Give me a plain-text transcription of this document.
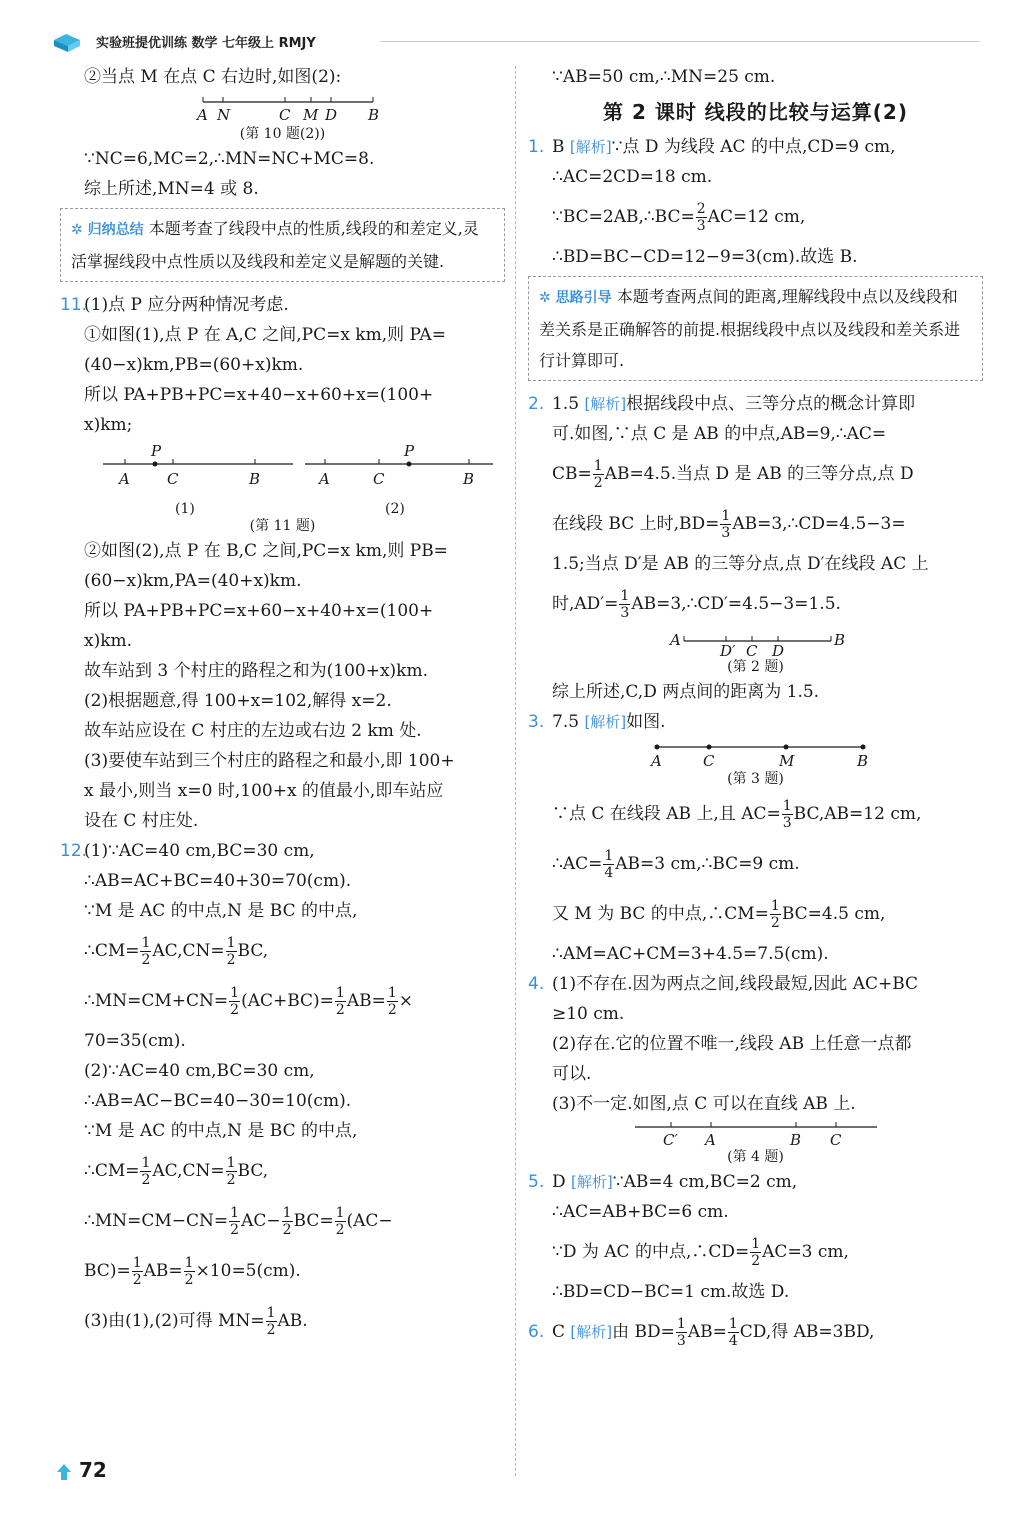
实验班提优训练 数学 七年级上 RMJY
②当点 M 在点 C 右边时,如图(2):
A N	C M D B
(第 10 题(2))
∵NC=6,MC=2,∴MN=NC+MC=8.
综上所述,MN=4 或 8.
✲ 归纳总结 本题考查了线段中点的性质,线段的和差定义,灵活掌握线段中点性质以及线段和差定义是解题的关键.
11.(1)点 P 应分两种情况考虑.
①如图(1),点 P 在 A,C 之间,PC=x km,则 PA=
(40−x)km,PB=(60+x)km.
所以 PA+PB+PC=x+40−x+60+x=(100+
x)km;
P
A C	B
P
A	C	B
(1)	(2)
(第 11 题)
②如图(2),点 P 在 B,C 之间,PC=x km,则 PB=
(60−x)km,PA=(40+x)km.
所以 PA+PB+PC=x+60−x+40+x=(100+
x)km.
故车站到 3 个村庄的路程之和为(100+x)km.
(2)根据题意,得 100+x=102,解得 x=2.
故车站应设在 C 村庄的左边或右边 2 km 处.
(3)要使车站到三个村庄的路程之和最小,即 100+
x 最小,则当 x=0 时,100+x 的值最小,即车站应
设在 C 村庄处.
12.(1)∵AC=40 cm,BC=30 cm,
∴AB=AC+BC=40+30=70(cm).
∵M 是 AC 的中点,N 是 BC 的中点,
∴CM= $\frac{1}{2} AC,CN= \frac{1}{2}$ BC,
∴MN=CM+CN= $\frac{1}{2} (AC+BC)= \frac{1}{2} AB= \frac{1}{2}$ ×
70=35(cm).
(2)∵AC=40 cm,BC=30 cm,
∴AB=AC−BC=40−30=10(cm).
∵M 是 AC 的中点,N 是 BC 的中点,
∴CM= $\frac{1}{2} AC,CN= \frac{1}{2}$ BC,
∴MN=CM−CN= $\frac{1}{2} AC- \frac{1}{2} BC= \frac{1}{2} (AC-$
$BC)= \frac{1}{2} AB= \frac{1}{2} \times 10=5(cm)$.
(3)由(1),(2)可得 $MN= \frac{1}{2}$ AB.
∵AB=50 cm,∴MN=25 cm.
第 2 课时 线段的比较与运算(2)
1. B [解析]∵点 D 为线段 AC 的中点,CD=9 cm,
∴AC=2CD=18 cm.
∵BC=2AB,∴BC= $\frac{2}{3} AC=12$ cm,
∴BD=BC−CD=12−9=3(cm).故选 B.
✲ 思路引导 本题考查两点间的距离,理解线段中点以及线段和差关系是正确解答的前提.根据线段中点以及线段和差关系进行计算即可.
2. 1.5 [解析]根据线段中点、三等分点的概念计算即
可.如图,∵点 C 是 AB 的中点,AB=9,∴AC=
$CB= \frac{1}{2} AB=4.5$.当点 D 是 AB 的三等分点,点 D
在线段 BC 上时$,BD= \frac{1}{3}$ AB=3,∴CD=4.5−3=
1.5;当点 D′是 AB 的三等分点,点 D′在线段 AC 上
时$,AD'= \frac{1}{3}$ AB=3,∴CD′=4.5−3=1.5.
A
D′ C D
B
(第 2 题)
综上所述,C,D 两点间的距离为 1.5.
3. 7.5 [解析]如图.
A	C	M	B
(第 3 题)
∵点 C 在线段 AB 上,且 $AC= \frac{1}{3} BC,AB=12$ cm,
∴AC= $\frac{1}{4} AB=3$ cm,∴BC=9 cm.
又 M 为 BC 的中点,∴CM= $\frac{1}{2} BC=4.5$ cm,
∴AM=AC+CM=3+4.5=7.5(cm).
4. (1)不存在.因为两点之间,线段最短,因此 AC+BC
≥10 cm.
(2)存在.它的位置不唯一,线段 AB 上任意一点都
可以.
(3)不一定.如图,点 C 可以在直线 AB 上.
C′ A	B C
(第 4 题)
5. D [解析]∵AB=4 cm,BC=2 cm,
∴AC=AB+BC=6 cm.
∵D 为 AC 的中点,∴CD= $\frac{1}{2} AC=3$ cm,
∴BD=CD−BC=1 cm.故选 D.
6. C [解析]由 $BD= \frac{1}{3} AB= \frac{1}{4}$ CD,得 AB=3BD,
72
